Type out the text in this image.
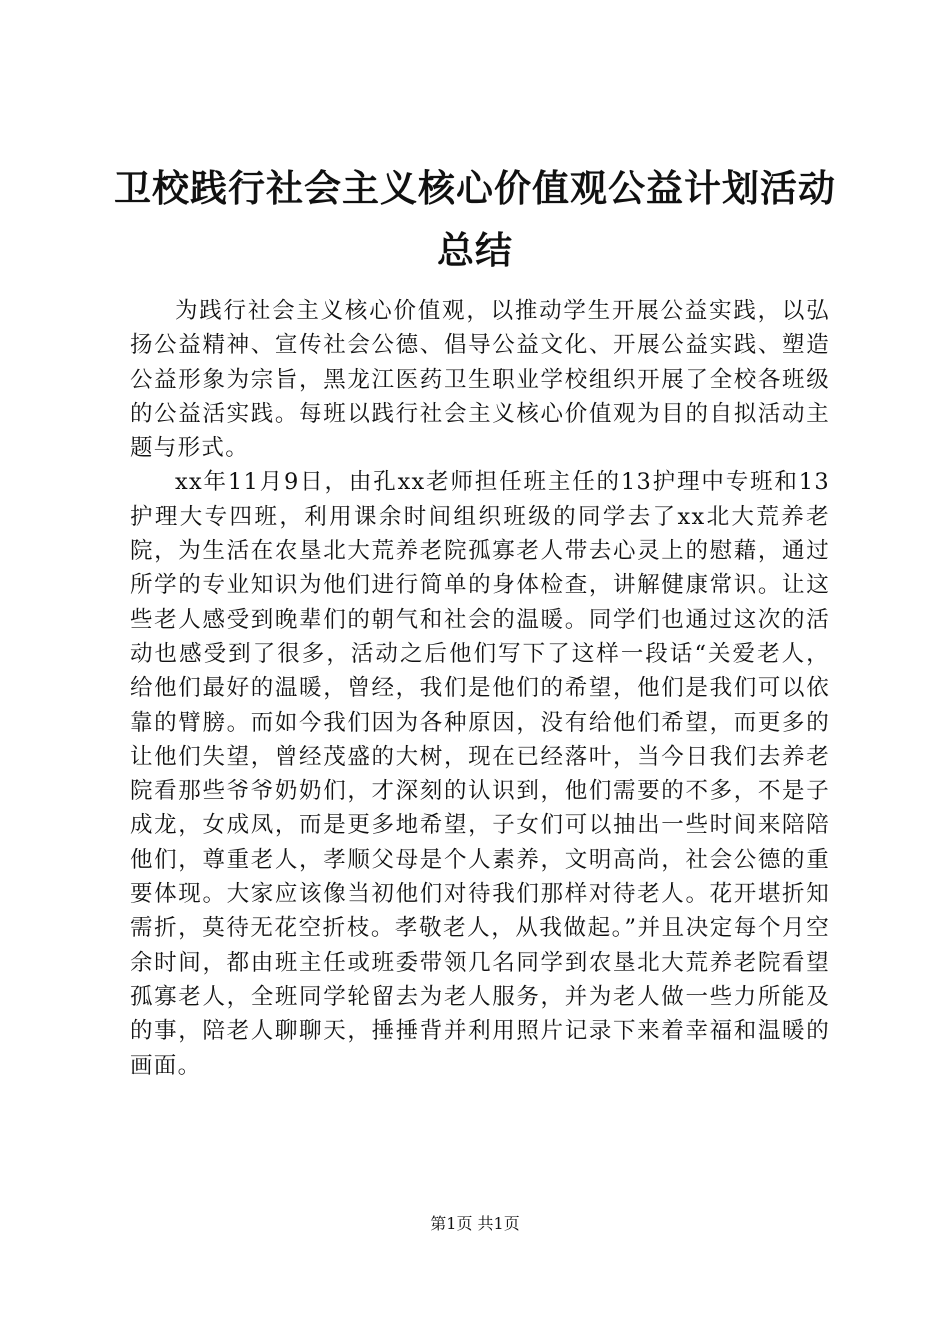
卫校践行社会主义核心价值观公益计划活动总结

为践行社会主义核心价值观，以推动学生开展公益实践，以弘扬公益精神、宣传社会公德、倡导公益文化、开展公益实践、塑造公益形象为宗旨，黑龙江医药卫生职业学校组织开展了全校各班级的公益活实践。每班以践行社会主义核心价值观为目的自拟活动主题与形式。

xx年11月9日，由孔xx老师担任班主任的13护理中专班和13护理大专四班，利用课余时间组织班级的同学去了xx北大荒养老院，为生活在农垦北大荒养老院孤寡老人带去心灵上的慰藉，通过所学的专业知识为他们进行简单的身体检查，讲解健康常识。让这些老人感受到晚辈们的朝气和社会的温暖。同学们也通过这次的活动也感受到了很多，活动之后他们写下了这样一段话“关爱老人，给他们最好的温暖，曾经，我们是他们的希望，他们是我们可以依靠的臂膀。而如今我们因为各种原因，没有给他们希望，而更多的让他们失望，曾经茂盛的大树，现在已经落叶，当今日我们去养老院看那些爷爷奶奶们，才深刻的认识到，他们需要的不多，不是子成龙，女成凤，而是更多地希望，子女们可以抽出一些时间来陪陪他们，尊重老人，孝顺父母是个人素养，文明高尚，社会公德的重要体现。大家应该像当初他们对待我们那样对待老人。花开堪折知需折，莫待无花空折枝。孝敬老人，从我做起。”并且决定每个月空余时间，都由班主任或班委带领几名同学到农垦北大荒养老院看望孤寡老人，全班同学轮留去为老人服务，并为老人做一些力所能及的事，陪老人聊聊天，捶捶背并利用照片记录下来着幸福和温暖的画面。

第1页 共1页
